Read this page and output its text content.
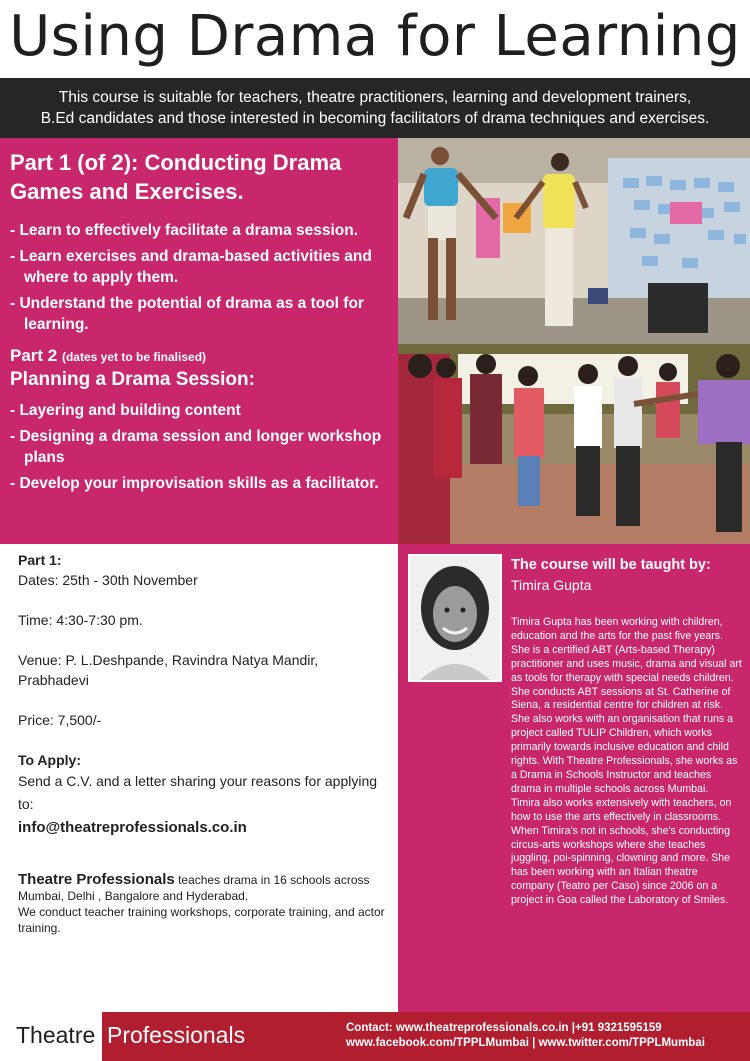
Using Drama for Learning
This course is suitable for teachers, theatre practitioners, learning and development trainers,
B.Ed candidates and those interested in becoming facilitators of drama techniques and exercises.
Part 1 (of 2): Conducting Drama Games and Exercises.
- Learn to effectively facilitate a drama session.
- Learn exercises and drama-based activities and where to apply them.
- Understand the potential of drama as a tool for learning.
Part 2 (dates yet to be finalised)
Planning a Drama Session:
- Layering and building content
- Designing a drama session and longer workshop plans
- Develop your improvisation skills as a facilitator.
Part 1:
Dates: 25th - 30th November
Time: 4:30-7:30 pm.
Venue: P. L.Deshpande, Ravindra Natya Mandir, Prabhadevi
Price: 7,500/-
To Apply:
Send a C.V. and a letter sharing your reasons for applying to:
info@theatreprofessionals.co.in
Theatre Professionals teaches drama in 16 schools across Mumbai, Delhi , Bangalore and Hyderabad.
We conduct teacher training workshops, corporate training, and actor training.
The course will be taught by:
Timira Gupta
Timira Gupta has been working with children, education and the arts for the past five years. She is a certified ABT (Arts-based Therapy) practitioner and uses music, drama and visual art as tools for therapy with special needs children. She conducts ABT sessions at St. Catherine of Siena, a residential centre for children at risk. She also works with an organisation that runs a project called TULIP Children, which works primarily towards inclusive education and child rights. With Theatre Professionals, she works as a Drama in Schools Instructor and teaches drama in multiple schools across Mumbai.
Timira also works extensively with teachers, on how to use the arts effectively in classrooms. When Timira's not in schools, she's conducting circus-arts workshops where she teaches juggling, poi-spinning, clowning and more. She has been working with an Italian theatre company (Teatro per Caso) since 2006 on a project in Goa called the Laboratory of Smiles.
Theatre Professionals	Contact: www.theatreprofessionals.co.in |+91 9321595159
www.facebook.com/TPPLMumbai | www.twitter.com/TPPLMumbai
